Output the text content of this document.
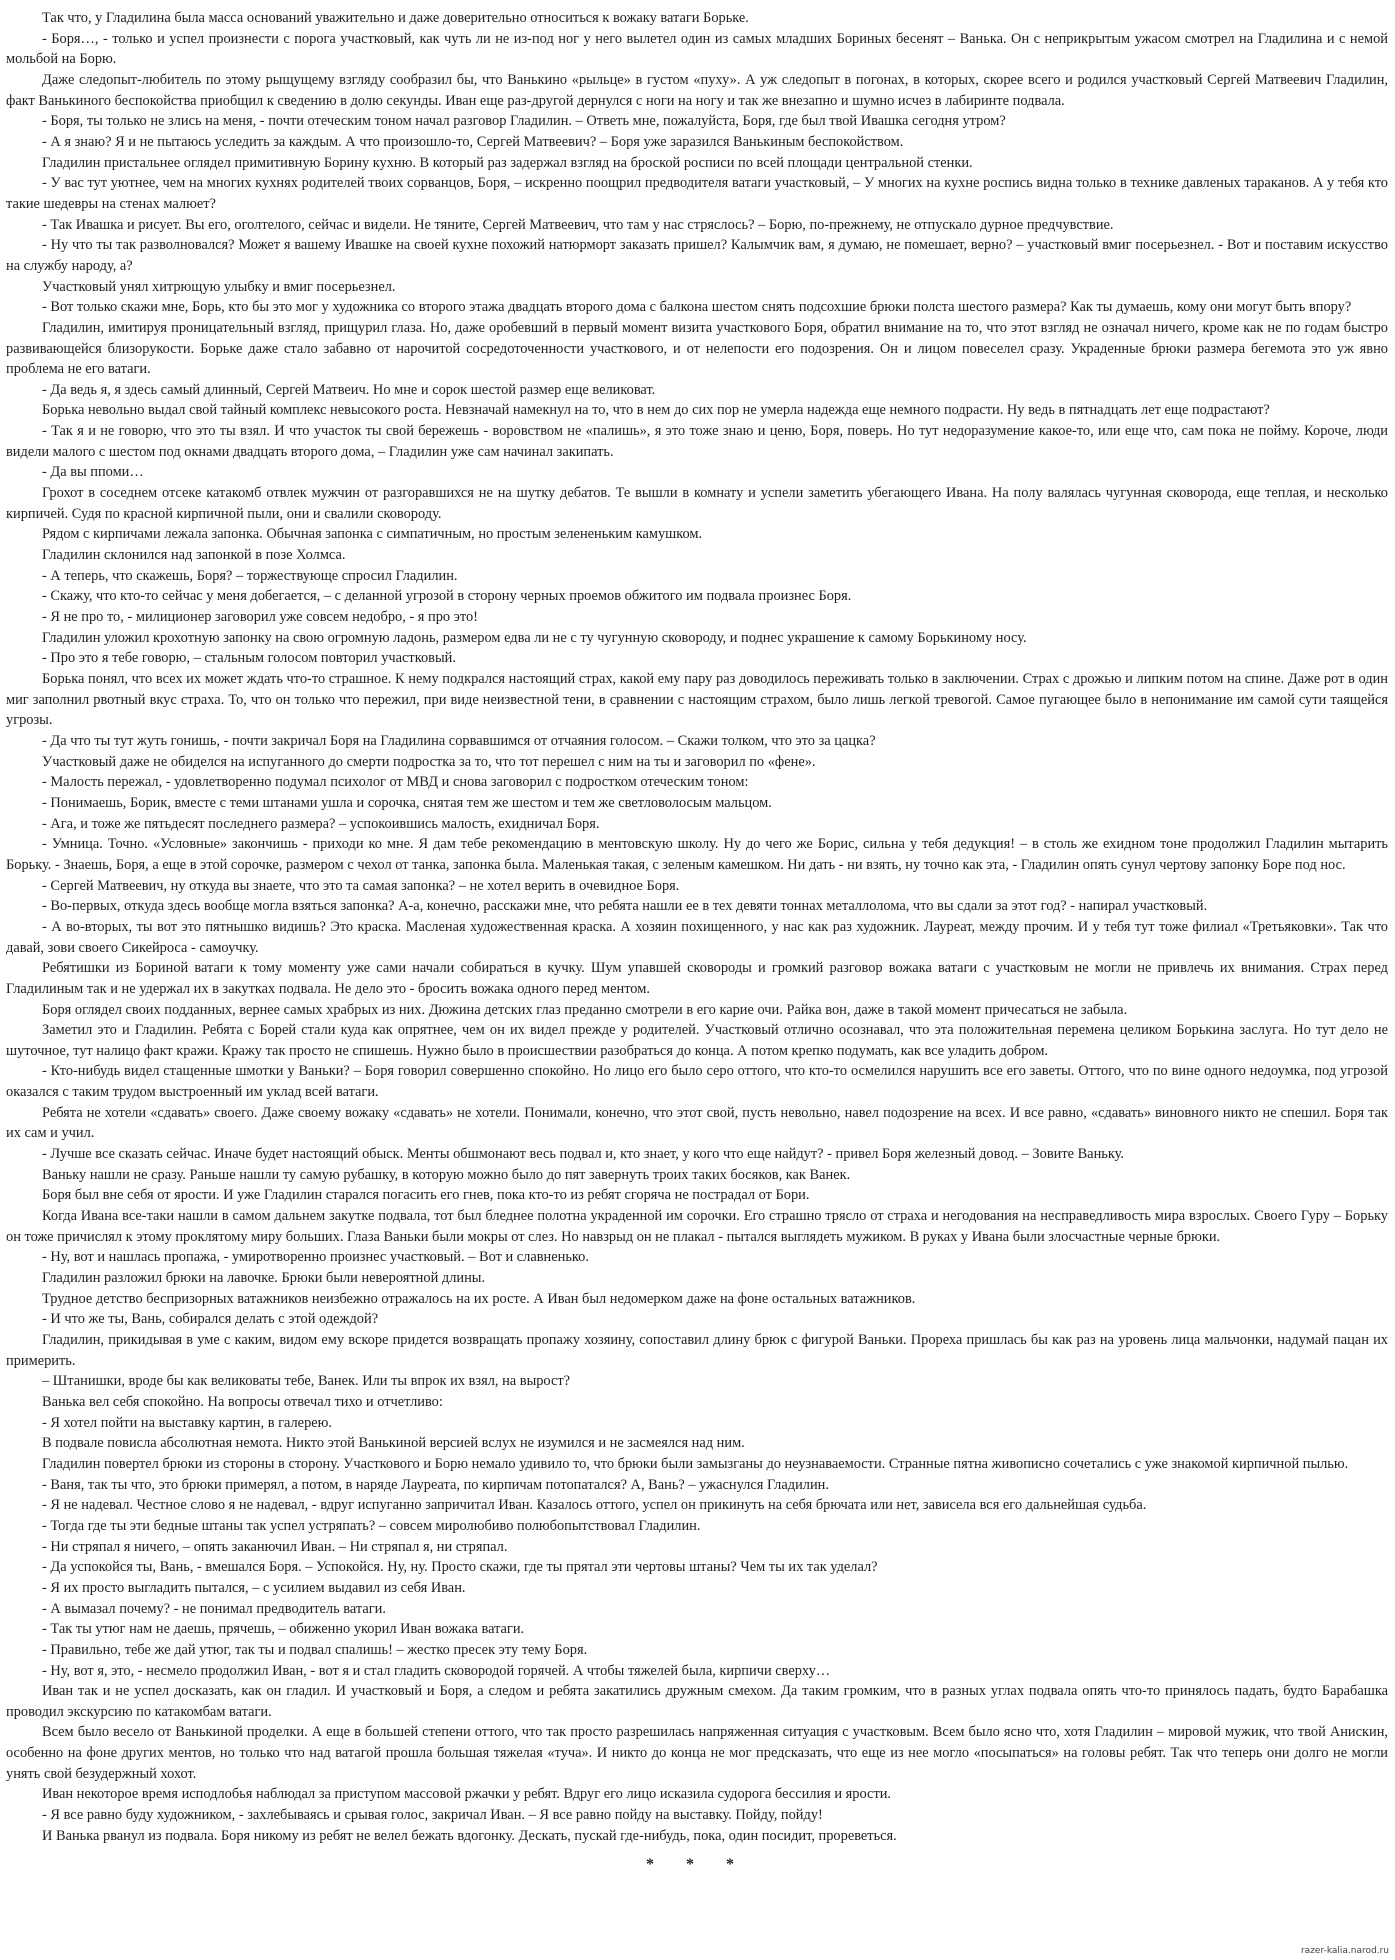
Так что, у Гладилина была масса оснований уважительно и даже доверительно относиться к вожаку ватаги Борьке.

- Боря…, - только и успел произнести с порога участковый, как чуть ли не из-под ног у него вылетел один из самых младших Бориных бесенят – Ванька. Он с неприкрытым ужасом смотрел на Гладилина и с немой мольбой на Борю.

Даже следопыт-любитель по этому рыщущему взгляду сообразил бы, что Ванькино «рыльце» в густом «пуху». А уж следопыт в погонах, в которых, скорее всего и родился участковый Сергей Матвеевич Гладилин, факт Ванькиного беспокойства приобщил к сведению в долю секунды. Иван еще раз-другой дернулся с ноги на ногу и так же внезапно и шумно исчез в лабиринте подвала.

- Боря, ты только не злись на меня, - почти отеческим тоном начал разговор Гладилин. – Ответь мне, пожалуйста, Боря, где был твой Ивашка сегодня утром?

- А я знаю? Я и не пытаюсь уследить за каждым. А что произошло-то, Сергей Матвеевич? – Боря уже заразился Ванькиным беспокойством.

Гладилин пристальнее оглядел примитивную Борину кухню. В который раз задержал взгляд на броской росписи по всей площади центральной стенки.

- У вас тут уютнее, чем на многих кухнях родителей твоих сорванцов, Боря, – искренно поощрил предводителя ватаги участковый, – У многих на кухне роспись видна только в технике давленых тараканов. А у тебя кто такие шедевры на стенах малюет?

- Так Ивашка и рисует. Вы его, оголтелого, сейчас и видели. Не тяните, Сергей Матвеевич, что там у нас стряслось? – Борю, по-прежнему, не отпускало дурное предчувствие.

- Ну что ты так разволновался? Может я вашему Ивашке на своей кухне похожий натюрморт заказать пришел? Калымчик вам, я думаю, не помешает, верно? – участковый вмиг посерьезнел. - Вот и поставим искусство на службу народу, а?

Участковый унял хитрющую улыбку и вмиг посерьезнел.

- Вот только скажи мне, Борь, кто бы это мог у художника со второго этажа двадцать второго дома с балкона шестом снять подсохшие брюки полста шестого размера? Как ты думаешь, кому они могут быть впору?

Гладилин, имитируя проницательный взгляд, прищурил глаза. Но, даже оробевший в первый момент визита участкового Боря, обратил внимание на то, что этот взгляд не означал ничего, кроме как не по годам быстро развивающейся близорукости. Борьке даже стало забавно от нарочитой сосредоточенности участкового, и от нелепости его подозрения. Он и лицом повеселел сразу. Украденные брюки размера бегемота это уж явно проблема не его ватаги.

- Да ведь я, я здесь самый длинный, Сергей Матвеич. Но мне и сорок шестой размер еще великоват.

Борька невольно выдал свой тайный комплекс невысокого роста. Невзначай намекнул на то, что в нем до сих пор не умерла надежда еще немного подрасти. Ну ведь в пятнадцать лет еще подрастают?

- Так я и не говорю, что это ты взял. И что участок ты свой бережешь - воровством не «палишь», я это тоже знаю и ценю, Боря, поверь. Но тут недоразумение какое-то, или еще что, сам пока не пойму. Короче, люди видели малого с шестом под окнами двадцать второго дома, – Гладилин уже сам начинал закипать.

- Да вы ппоми…

Грохот в соседнем отсеке катакомб отвлек мужчин от разгоравшихся не на шутку дебатов. Те вышли в комнату и успели заметить убегающего Ивана. На полу валялась чугунная сковорода, еще теплая, и несколько кирпичей. Судя по красной кирпичной пыли, они и свалили сковороду.

Рядом с кирпичами лежала запонка. Обычная запонка с симпатичным, но простым зелененьким камушком.

Гладилин склонился над запонкой в позе Холмса.

- А теперь, что скажешь, Боря? – торжествующе спросил Гладилин.

- Скажу, что кто-то сейчас у меня добегается, – с деланной угрозой в сторону черных проемов обжитого им подвала произнес Боря.

- Я не про то, - милиционер заговорил уже совсем недобро, - я про это!

Гладилин уложил крохотную запонку на свою огромную ладонь, размером едва ли не с ту чугунную сковороду, и поднес украшение к самому Борькиному носу.

- Про это я тебе говорю, – стальным голосом повторил участковый.

Борька понял, что всех их может ждать что-то страшное. К нему подкрался настоящий страх, какой ему пару раз доводилось переживать только в заключении. Страх с дрожью и липким потом на спине. Даже рот в один миг заполнил рвотный вкус страха. То, что он только что пережил, при виде неизвестной тени, в сравнении с настоящим страхом, было лишь легкой тревогой. Самое пугающее было в непонимание им самой сути таящейся угрозы.

- Да что ты тут жуть гонишь, - почти закричал Боря на Гладилина сорвавшимся от отчаяния голосом. – Скажи толком, что это за цацка?

Участковый даже не обиделся на испуганного до смерти подростка за то, что тот перешел с ним на ты и заговорил по «фене».

- Малость пережал, - удовлетворенно подумал психолог от МВД и снова заговорил с подростком отеческим тоном:

- Понимаешь, Борик, вместе с теми штанами ушла и сорочка, снятая тем же шестом и тем же светловолосым мальцом.

- Ага, и тоже же пятьдесят последнего размера? – успокоившись малость, ехидничал Боря.

- Умница. Точно. «Условные» закончишь - приходи ко мне. Я дам тебе рекомендацию в ментовскую школу. Ну до чего же Борис, сильна у тебя дедукция! – в столь же ехидном тоне продолжил Гладилин мытарить Борьку. - Знаешь, Боря, а еще в этой сорочке, размером с чехол от танка, запонка была. Маленькая такая, с зеленым камешком. Ни дать - ни взять, ну точно как эта, - Гладилин опять сунул чертову запонку Боре под нос.

- Сергей Матвеевич, ну откуда вы знаете, что это та самая запонка? – не хотел верить в очевидное Боря.

- Во-первых, откуда здесь вообще могла взяться запонка? А-а, конечно, расскажи мне, что ребята нашли ее в тех девяти тоннах металлолома, что вы сдали за этот год? - напирал участковый.

- А во-вторых, ты вот это пятнышко видишь? Это краска. Масленая художественная краска. А хозяин похищенного, у нас как раз художник. Лауреат, между прочим. И у тебя тут тоже филиал «Третьяковки». Так что давай, зови своего Сикейроса - самоучку.

Ребятишки из Бориной ватаги к тому моменту уже сами начали собираться в кучку. Шум упавшей сковороды и громкий разговор вожака ватаги с участковым не могли не привлечь их внимания. Страх перед Гладилиным так и не удержал их в закутках подвала. Не дело это - бросить вожака одного перед ментом.

Боря оглядел своих подданных, вернее самых храбрых из них. Дюжина детских глаз преданно смотрели в его карие очи. Райка вон, даже в такой момент причесаться не забыла.

Заметил это и Гладилин. Ребята с Борей стали куда как опрятнее, чем он их видел прежде у родителей. Участковый отлично осознавал, что эта положительная перемена целиком Борькина заслуга. Но тут дело не шуточное, тут налицо факт кражи. Кражу так просто не спишешь. Нужно было в происшествии разобраться до конца. А потом крепко подумать, как все уладить добром.

- Кто-нибудь видел стащенные шмотки у Ваньки? – Боря говорил совершенно спокойно. Но лицо его было серо оттого, что кто-то осмелился нарушить все его заветы. Оттого, что по вине одного недоумка, под угрозой оказался с таким трудом выстроенный им уклад всей ватаги.

Ребята не хотели «сдавать» своего. Даже своему вожаку «сдавать» не хотели. Понимали, конечно, что этот свой, пусть невольно, навел подозрение на всех. И все равно, «сдавать» виновного никто не спешил. Боря так их сам и учил.

- Лучше все сказать сейчас. Иначе будет настоящий обыск. Менты обшмонают весь подвал и, кто знает, у кого что еще найдут? - привел Боря железный довод. – Зовите Ваньку.

Ваньку нашли не сразу. Раньше нашли ту самую рубашку, в которую можно было до пят завернуть троих таких босяков, как Ванек.

Боря был вне себя от ярости. И уже Гладилин старался погасить его гнев, пока кто-то из ребят сгоряча не пострадал от Бори.

Когда Ивана все-таки нашли в самом дальнем закутке подвала, тот был бледнее полотна украденной им сорочки. Его страшно трясло от страха и негодования на несправедливость мира взрослых. Своего Гуру – Борьку он тоже причислял к этому проклятому миру больших. Глаза Ваньки были мокры от слез. Но навзрыд он не плакал - пытался выглядеть мужиком. В руках у Ивана были злосчастные черные брюки.

- Ну, вот и нашлась пропажа, - умиротворенно произнес участковый. – Вот и славненько.

Гладилин разложил брюки на лавочке. Брюки были невероятной длины.

Трудное детство беспризорных ватажников неизбежно отражалось на их росте. А Иван был недомерком даже на фоне остальных ватажников.

- И что же ты, Вань, собирался делать с этой одеждой?

Гладилин, прикидывая в уме с каким, видом ему вскоре придется возвращать пропажу хозяину, сопоставил длину брюк с фигурой Ваньки. Прореха пришлась бы как раз на уровень лица мальчонки, надумай пацан их примерить.

– Штанишки, вроде бы как великоваты тебе, Ванек. Или ты впрок их взял, на вырост?

Ванька вел себя спокойно. На вопросы отвечал тихо и отчетливо:

- Я хотел пойти на выставку картин, в галерею.

В подвале повисла абсолютная немота. Никто этой Ванькиной версией вслух не изумился и не засмеялся над ним.

Гладилин повертел брюки из стороны в сторону. Участкового и Борю немало удивило то, что брюки были замызганы до неузнаваемости. Странные пятна живописно сочетались с уже знакомой кирпичной пылью.

- Ваня, так ты что, это брюки примерял, а потом, в наряде Лауреата, по кирпичам потопатался? А, Вань? – ужаснулся Гладилин.

- Я не надевал. Честное слово я не надевал, - вдруг испуганно запричитал Иван. Казалось оттого, успел он прикинуть на себя брючата или нет, зависела вся его дальнейшая судьба.

- Тогда где ты эти бедные штаны так успел устряпать? – совсем миролюбиво полюбопытствовал Гладилин.

- Ни стряпал я ничего, – опять заканючил Иван. – Ни стряпал я, ни стряпал.

- Да успокойся ты, Вань, - вмешался Боря. – Успокойся. Ну, ну. Просто скажи, где ты прятал эти чертовы штаны? Чем ты их так уделал?

- Я их просто выгладить пытался, – с усилием выдавил из себя Иван.

- А вымазал почему? - не понимал предводитель ватаги.

- Так ты утюг нам не даешь, прячешь, – обиженно укорил Иван вожака ватаги.

- Правильно, тебе же дай утюг, так ты и подвал спалишь! – жестко пресек эту тему Боря.

- Ну, вот я, это, - несмело продолжил Иван, - вот я и стал гладить сковородой горячей. А чтобы тяжелей была, кирпичи сверху…

Иван так и не успел досказать, как он гладил. И участковый и Боря, а следом и ребята закатились дружным смехом. Да таким громким, что в разных углах подвала опять что-то принялось падать, будто Барабашка проводил экскурсию по катакомбам ватаги.

Всем было весело от Ванькиной проделки. А еще в большей степени оттого, что так просто разрешилась напряженная ситуация с участковым. Всем было ясно что, хотя Гладилин – мировой мужик, что твой Анискин, особенно на фоне других ментов, но только что над ватагой прошла большая тяжелая «туча». И никто до конца не мог предсказать, что еще из нее могло «посыпаться» на головы ребят. Так что теперь они долго не могли унять свой безудержный хохот.

Иван некоторое время исподлобья наблюдал за приступом массовой ржачки у ребят. Вдруг его лицо исказила судорога бессилия и ярости.

- Я все равно буду художником, - захлебываясь и срывая голос, закричал Иван. – Я все равно пойду на выставку. Пойду, пойду!

И Ванька рванул из подвала. Боря никому из ребят не велел бежать вдогонку. Дескать, пускай где-нибудь, пока, один посидит, прореветься.

* * *
razer-kalia.narod.ru
